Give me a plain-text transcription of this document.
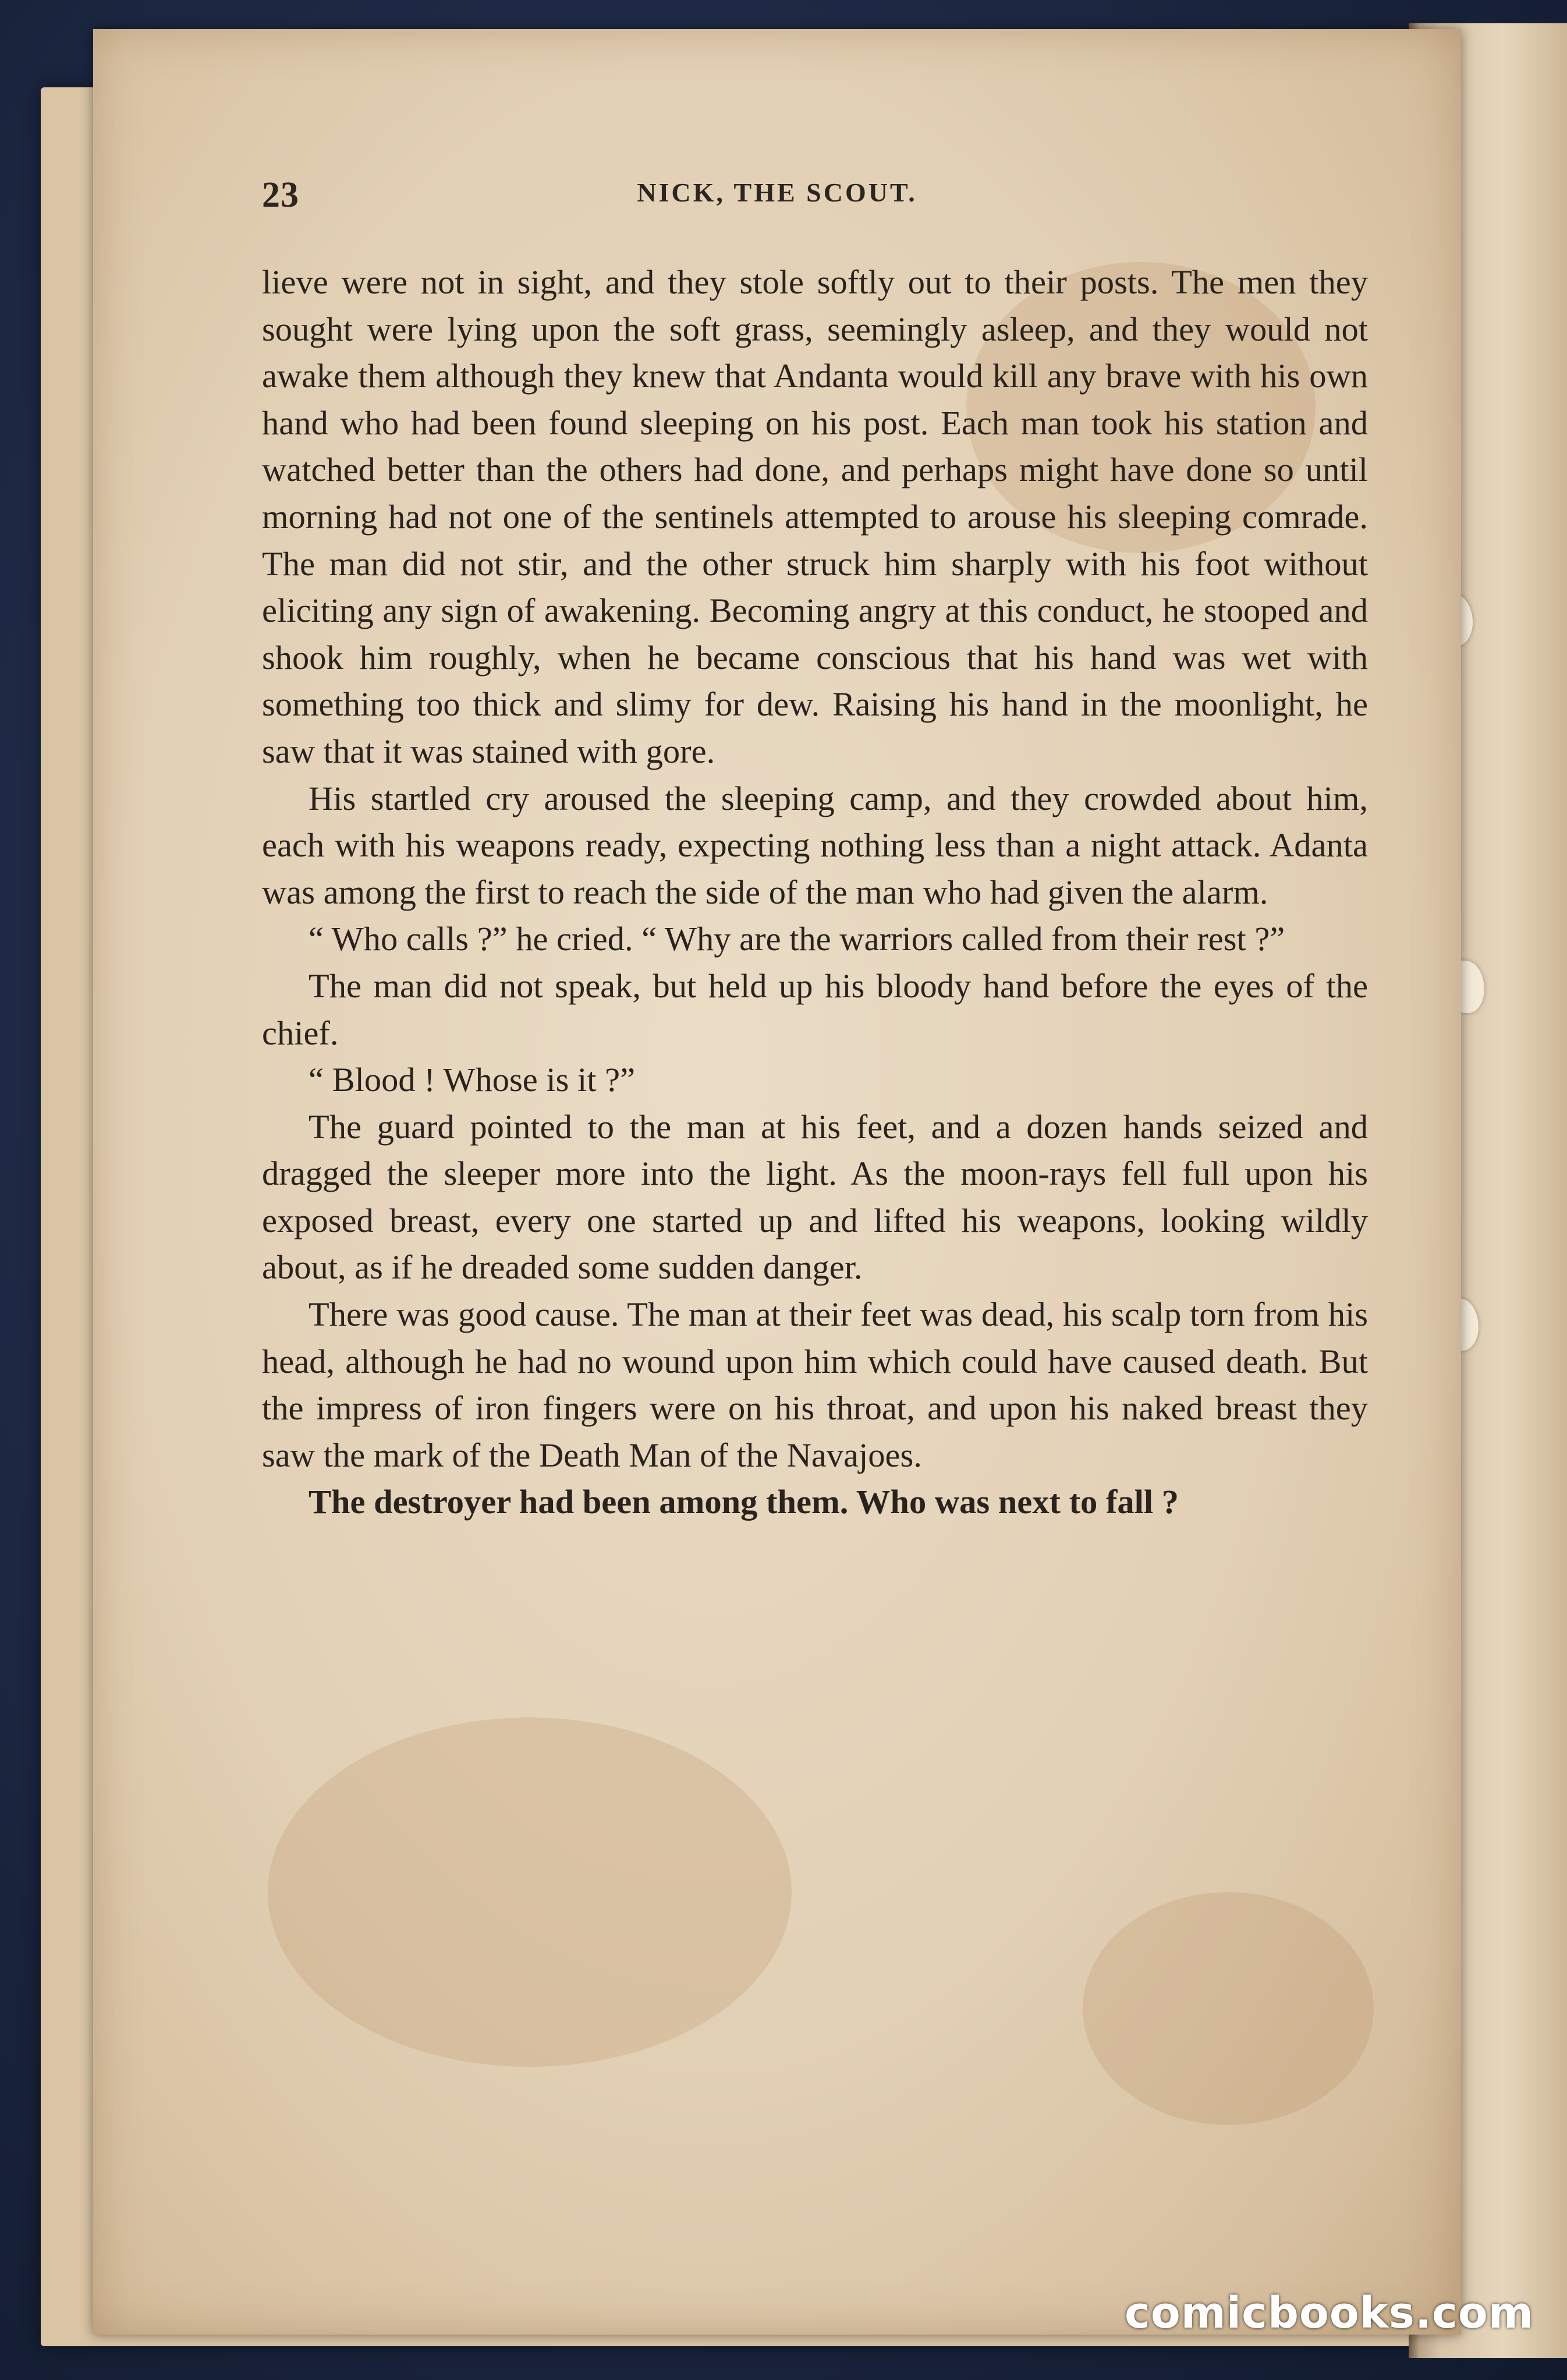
23	NICK, THE SCOUT.

lieve were not in sight, and they stole softly out to their posts. The men they sought were lying upon the soft grass, seemingly asleep, and they would not awake them although they knew that Andanta would kill any brave with his own hand who had been found sleeping on his post. Each man took his station and watched better than the others had done, and perhaps might have done so until morning had not one of the sentinels attempted to arouse his sleeping comrade. The man did not stir, and the other struck him sharply with his foot without eliciting any sign of awakening. Becoming angry at this conduct, he stooped and shook him roughly, when he became conscious that his hand was wet with something too thick and slimy for dew. Raising his hand in the moonlight, he saw that it was stained with gore.

His startled cry aroused the sleeping camp, and they crowded about him, each with his weapons ready, expecting nothing less than a night attack. Adanta was among the first to reach the side of the man who had given the alarm.

“ Who calls ?” he cried. “ Why are the warriors called from their rest ?”

The man did not speak, but held up his bloody hand before the eyes of the chief.

“ Blood ! Whose is it ?”

The guard pointed to the man at his feet, and a dozen hands seized and dragged the sleeper more into the light. As the moon-rays fell full upon his exposed breast, every one started up and lifted his weapons, looking wildly about, as if he dreaded some sudden danger.

There was good cause. The man at their feet was dead, his scalp torn from his head, although he had no wound upon him which could have caused death. But the impress of iron fingers were on his throat, and upon his naked breast they saw the mark of the Death Man of the Navajoes.

The destroyer had been among them. Who was next to fall ?

comicbooks.com
